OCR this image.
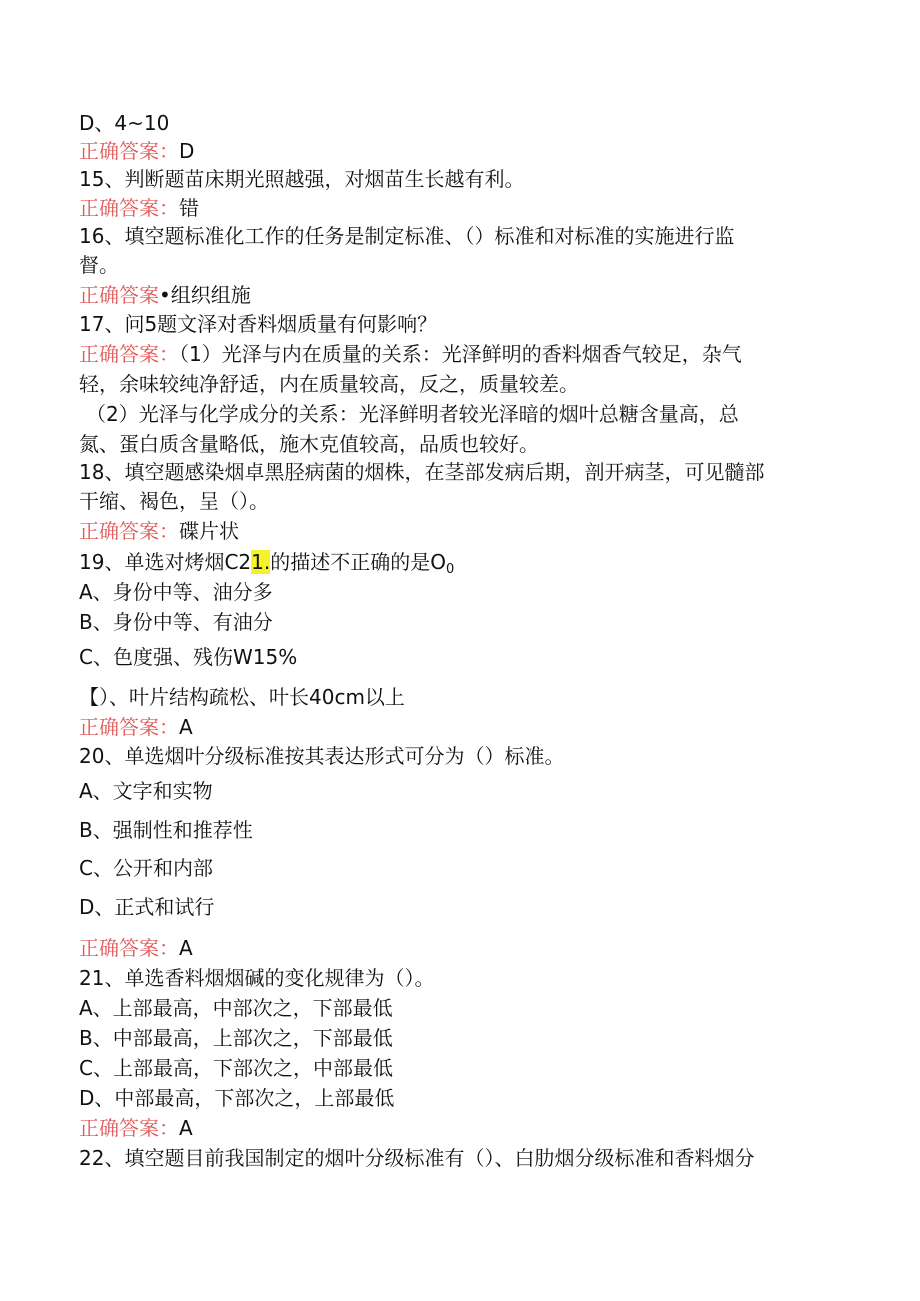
D、4~10
正确答案：D
15、判断题苗床期光照越强，对烟苗生长越有利。
正确答案：错
16、填空题标准化工作的任务是制定标准、（）标准和对标准的实施进行监
督。
正确答案•组织组施
17、问5题文泽对香料烟质量有何影响？
正确答案：（1）光泽与内在质量的关系：光泽鲜明的香料烟香气较足，杂气
轻，余味较纯净舒适，内在质量较高，反之，质量较差。
（2）光泽与化学成分的关系：光泽鲜明者较光泽暗的烟叶总糖含量高，总
氮、蛋白质含量略低，施木克值较高，品质也较好。
18、填空题感染烟卓黑胫病菌的烟株，在茎部发病后期，剖开病茎，可见髓部
干缩、褐色，呈（）。
正确答案：碟片状
19、单选对烤烟C21.的描述不正确的是$O_0$
A、身份中等、油分多
B、身份中等、有油分
C、色度强、残伤W15%
【）、叶片结构疏松、叶长40cm以上
正确答案：A
20、单选烟叶分级标准按其表达形式可分为（）标准。
A、文字和实物
B、强制性和推荐性
C、公开和内部
D、正式和试行
正确答案：A
21、单选香料烟烟碱的变化规律为（）。
A、上部最高，中部次之，下部最低
B、中部最高，上部次之，下部最低
C、上部最高，下部次之，中部最低
D、中部最高，下部次之，上部最低
正确答案：A
22、填空题目前我国制定的烟叶分级标准有（）、白肋烟分级标准和香料烟分
